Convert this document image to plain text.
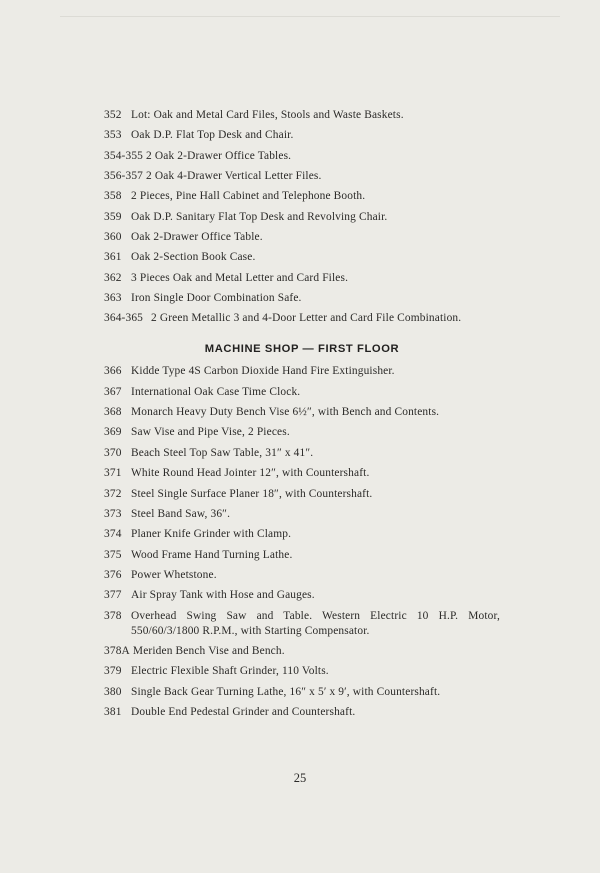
352 Lot: Oak and Metal Card Files, Stools and Waste Baskets.
353 Oak D.P. Flat Top Desk and Chair.
354-355 2 Oak 2-Drawer Office Tables.
356-357 2 Oak 4-Drawer Vertical Letter Files.
358 2 Pieces, Pine Hall Cabinet and Telephone Booth.
359 Oak D.P. Sanitary Flat Top Desk and Revolving Chair.
360 Oak 2-Drawer Office Table.
361 Oak 2-Section Book Case.
362 3 Pieces Oak and Metal Letter and Card Files.
363 Iron Single Door Combination Safe.
364-365 2 Green Metallic 3 and 4-Door Letter and Card File Combination.
MACHINE SHOP — FIRST FLOOR
366 Kidde Type 4S Carbon Dioxide Hand Fire Extinguisher.
367 International Oak Case Time Clock.
368 Monarch Heavy Duty Bench Vise 6½″, with Bench and Contents.
369 Saw Vise and Pipe Vise, 2 Pieces.
370 Beach Steel Top Saw Table, 31″ x 41″.
371 White Round Head Jointer 12″, with Countershaft.
372 Steel Single Surface Planer 18″, with Countershaft.
373 Steel Band Saw, 36″.
374 Planer Knife Grinder with Clamp.
375 Wood Frame Hand Turning Lathe.
376 Power Whetstone.
377 Air Spray Tank with Hose and Gauges.
378 Overhead Swing Saw and Table. Western Electric 10 H.P. Motor, 550/60/3/1800 R.P.M., with Starting Compensator.
378A Meriden Bench Vise and Bench.
379 Electric Flexible Shaft Grinder, 110 Volts.
380 Single Back Gear Turning Lathe, 16″ x 5′ x 9′, with Countershaft.
381 Double End Pedestal Grinder and Countershaft.
25
